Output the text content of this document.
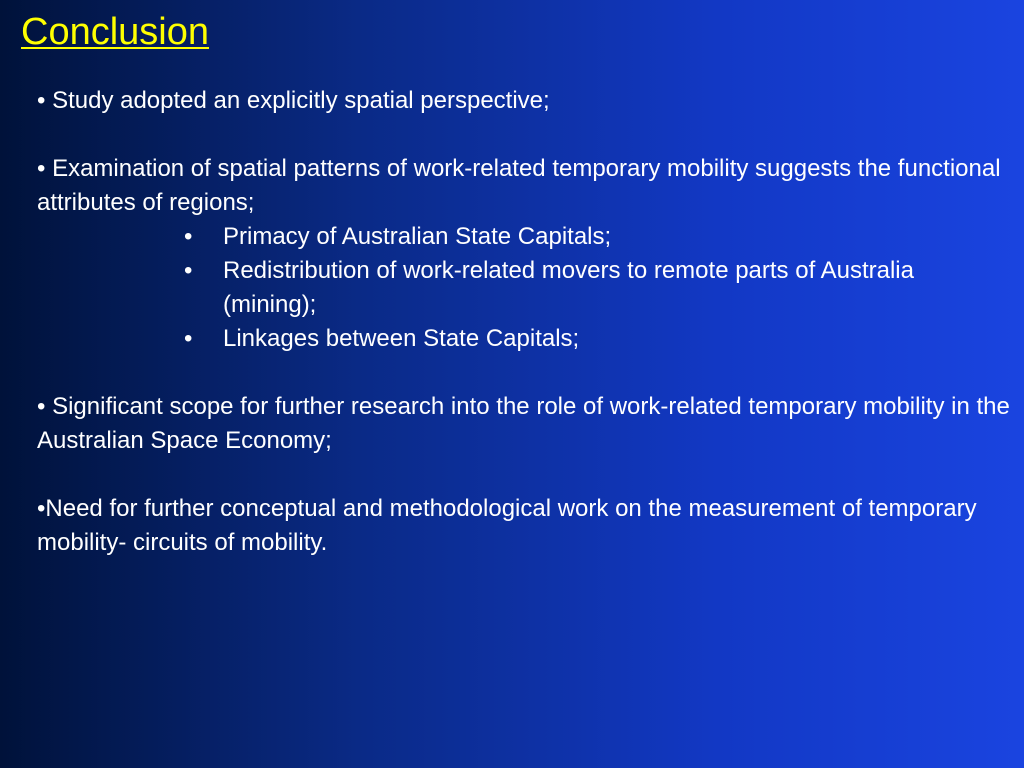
Conclusion

• Study adopted an explicitly spatial perspective;

• Examination of spatial patterns of work-related temporary mobility suggests the functional attributes of regions;

• Primacy of Australian State Capitals;
• Redistribution of work-related movers to remote parts of Australia (mining);
• Linkages between State Capitals;

• Significant scope for further research into the role of work-related temporary mobility in the Australian Space Economy;

•Need for further conceptual and methodological work on the measurement of temporary mobility- circuits of mobility.
